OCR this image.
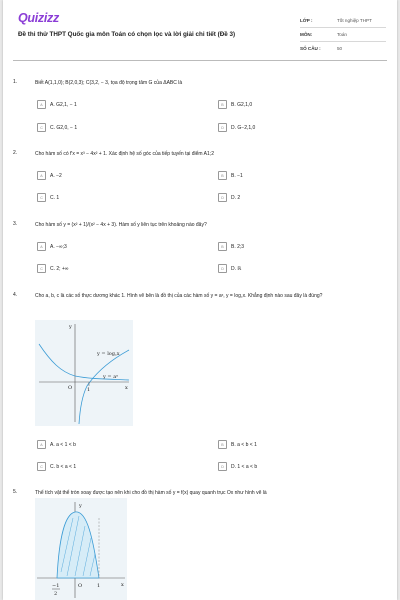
Quizizz
Đề thi thử THPT Quốc gia môn Toán có chọn lọc và lời giải chi tiết (Đề 3)
LỚP :	Tốt nghiệp THPT
MÔN:	Toán
SỐ CÂU :	50
1.	Biết A(1,1,0); B(2,0,3); C(3,2, − 3, tọa độ trọng tâm G của ΔABC là
A	A. G2,1, − 1	B	B. G2,1,0
C	C. G2,0, − 1	D	D. G−2,1,0
2.	Cho hàm số có f'x = x³ − 4x² + 1. Xác định hệ số góc của tiếp tuyến tại điểm A1;2
A	A. −2	B	B. −1
C	C. 1	D	D. 2
3.	Cho hàm số y = (x² + 1)/(x² − 4x + 3). Hàm số y liên tục trên khoảng nào đây?
A	A. −∞;3	B	B. 2;3
C	C. 2; +∞	D	D. ℝ
4.	Cho a, b, c là các số thực dương khác 1. Hình vẽ bên là đồ thị của các hàm số y = aˣ, y = log꜀x. Khẳng định nào sau đây là đúng?
y = log꜀x
y = aˣ
y
x
O	1
A	A. a < 1 < b	B	B. a < b < 1
C	C. b < a < 1	D	D. 1 < a < b
5.	Thể tích vật thể tròn xoay được tạo nên khi cho đồ thị hàm số y = f(x) quay quanh trục Ox như hình vẽ là
y
x
O	1
−1
2
